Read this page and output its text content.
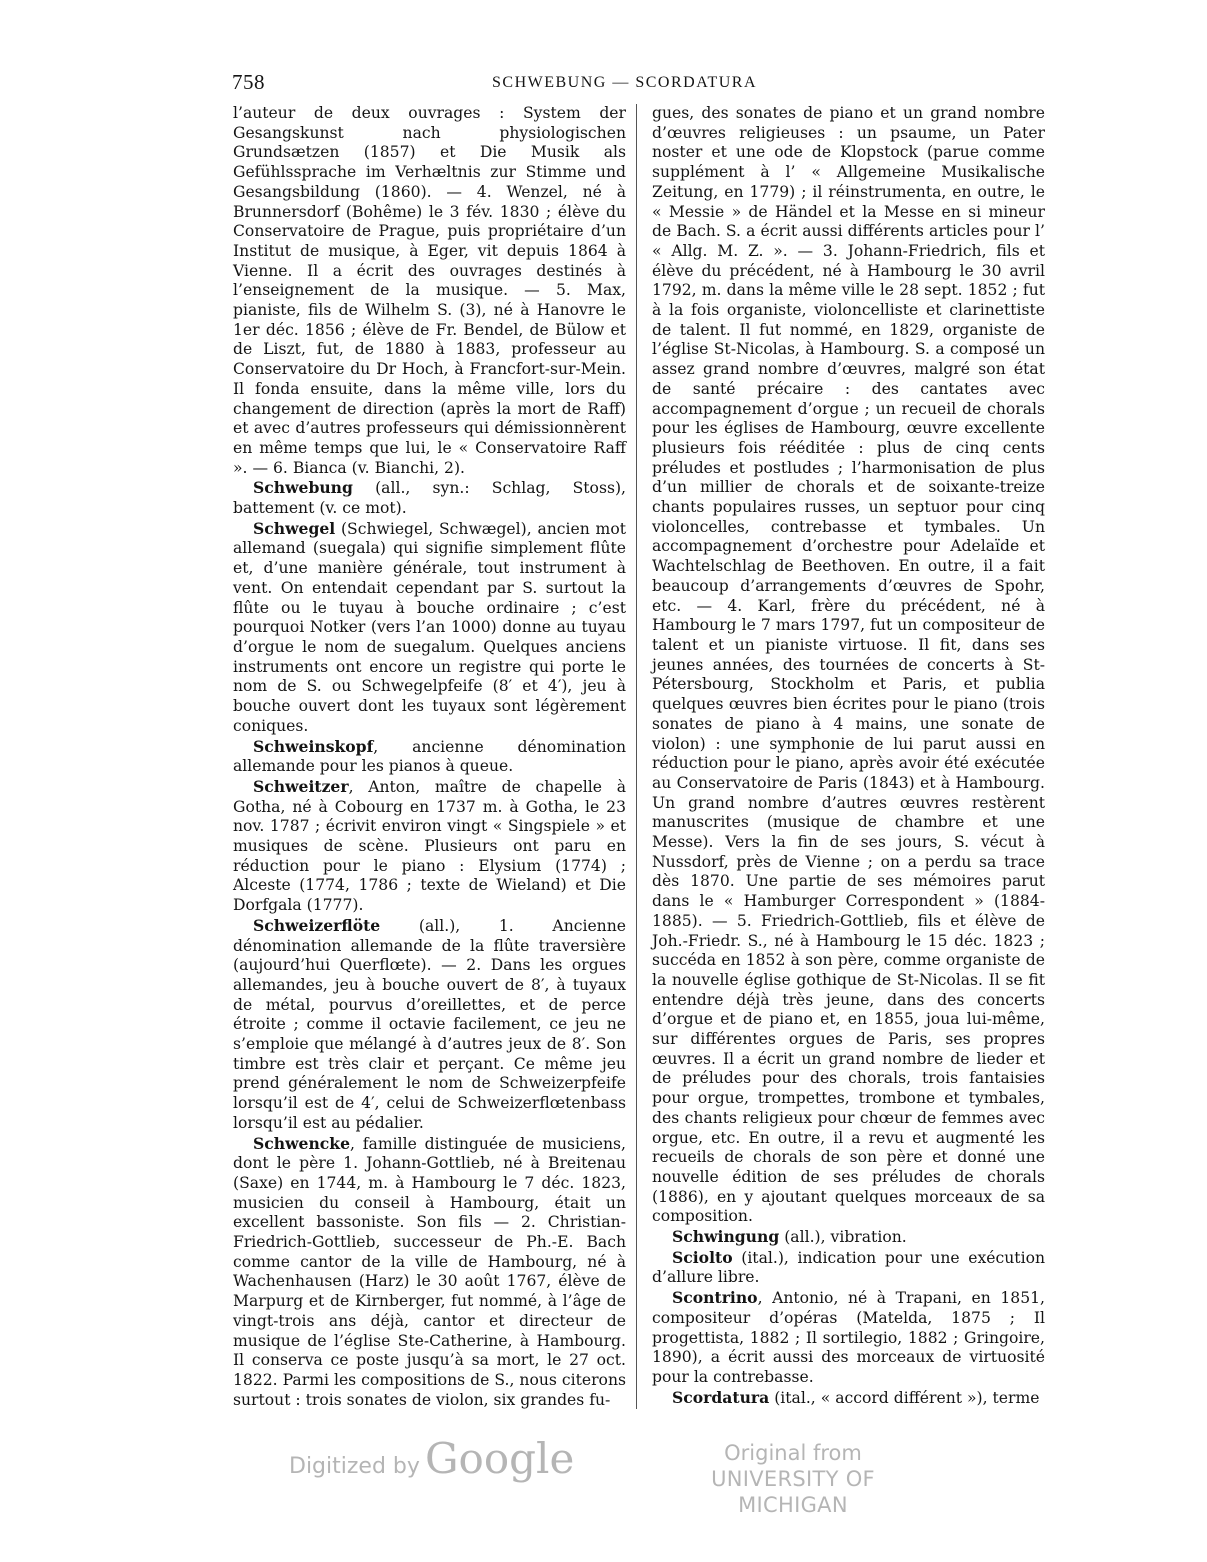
758	SCHWEBUNG — SCORDATURA

l’auteur de deux ouvrages : System der Gesangskunst nach physiologischen Grundsætzen (1857) et Die Musik als Gefühlssprache im Verhæltnis zur Stimme und Gesangsbildung (1860). — 4. Wenzel, né à Brunnersdorf (Bohême) le 3 fév. 1830 ; élève du Conservatoire de Prague, puis propriétaire d’un Institut de musique, à Eger, vit depuis 1864 à Vienne. Il a écrit des ouvrages destinés à l’enseignement de la musique. — 5. Max, pianiste, fils de Wilhelm S. (3), né à Hanovre le 1er déc. 1856 ; élève de Fr. Bendel, de Bülow et de Liszt, fut, de 1880 à 1883, professeur au Conservatoire du Dr Hoch, à Francfort-sur-Mein. Il fonda ensuite, dans la même ville, lors du changement de direction (après la mort de Raff) et avec d’autres professeurs qui démissionnèrent en même temps que lui, le « Conservatoire Raff ». — 6. Bianca (v. Bianchi, 2).

Schwebung (all., syn.: Schlag, Stoss), battement (v. ce mot).

Schwegel (Schwiegel, Schwægel), ancien mot allemand (suegala) qui signifie simplement flûte et, d’une manière générale, tout instrument à vent. On entendait cependant par S. surtout la flûte ou le tuyau à bouche ordinaire ; c’est pourquoi Notker (vers l’an 1000) donne au tuyau d’orgue le nom de suegalum. Quelques anciens instruments ont encore un registre qui porte le nom de S. ou Schwegelpfeife (8′ et 4′), jeu à bouche ouvert dont les tuyaux sont légèrement coniques.

Schweinskopf, ancienne dénomination allemande pour les pianos à queue.

Schweitzer, Anton, maître de chapelle à Gotha, né à Cobourg en 1737 m. à Gotha, le 23 nov. 1787 ; écrivit environ vingt « Singspiele » et musiques de scène. Plusieurs ont paru en réduction pour le piano : Elysium (1774) ; Alceste (1774, 1786 ; texte de Wieland) et Die Dorfgala (1777).

Schweizerflöte (all.), 1. Ancienne dénomination allemande de la flûte traversière (aujourd’hui Querflœte). — 2. Dans les orgues allemandes, jeu à bouche ouvert de 8′, à tuyaux de métal, pourvus d’oreillettes, et de perce étroite ; comme il octavie facilement, ce jeu ne s’emploie que mélangé à d’autres jeux de 8′. Son timbre est très clair et perçant. Ce même jeu prend généralement le nom de Schweizerpfeife lorsqu’il est de 4′, celui de Schweizerflœtenbass lorsqu’il est au pédalier.

Schwencke, famille distinguée de musiciens, dont le père 1. Johann-Gottlieb, né à Breitenau (Saxe) en 1744, m. à Hambourg le 7 déc. 1823, musicien du conseil à Hambourg, était un excellent bassoniste. Son fils — 2. Christian-Friedrich-Gottlieb, successeur de Ph.-E. Bach comme cantor de la ville de Hambourg, né à Wachenhausen (Harz) le 30 août 1767, élève de Marpurg et de Kirnberger, fut nommé, à l’âge de vingt-trois ans déjà, cantor et directeur de musique de l’église Ste-Catherine, à Hambourg. Il conserva ce poste jusqu’à sa mort, le 27 oct. 1822. Parmi les compositions de S., nous citerons surtout : trois sonates de violon, six grandes fu-

gues, des sonates de piano et un grand nombre d’œuvres religieuses : un psaume, un Pater noster et une ode de Klopstock (parue comme supplément à l’ « Allgemeine Musikalische Zeitung, en 1779) ; il réinstrumenta, en outre, le « Messie » de Händel et la Messe en si mineur de Bach. S. a écrit aussi différents articles pour l’ « Allg. M. Z. ». — 3. Johann-Friedrich, fils et élève du précédent, né à Hambourg le 30 avril 1792, m. dans la même ville le 28 sept. 1852 ; fut à la fois organiste, violoncelliste et clarinettiste de talent. Il fut nommé, en 1829, organiste de l’église St-Nicolas, à Hambourg. S. a composé un assez grand nombre d’œuvres, malgré son état de santé précaire : des cantates avec accompagnement d’orgue ; un recueil de chorals pour les églises de Hambourg, œuvre excellente plusieurs fois rééditée : plus de cinq cents préludes et postludes ; l’harmonisation de plus d’un millier de chorals et de soixante-treize chants populaires russes, un septuor pour cinq violoncelles, contrebasse et tymbales. Un accompagnement d’orchestre pour Adelaïde et Wachtelschlag de Beethoven. En outre, il a fait beaucoup d’arrangements d’œuvres de Spohr, etc. — 4. Karl, frère du précédent, né à Hambourg le 7 mars 1797, fut un compositeur de talent et un pianiste virtuose. Il fit, dans ses jeunes années, des tournées de concerts à St-Pétersbourg, Stockholm et Paris, et publia quelques œuvres bien écrites pour le piano (trois sonates de piano à 4 mains, une sonate de violon) : une symphonie de lui parut aussi en réduction pour le piano, après avoir été exécutée au Conservatoire de Paris (1843) et à Hambourg. Un grand nombre d’autres œuvres restèrent manuscrites (musique de chambre et une Messe). Vers la fin de ses jours, S. vécut à Nussdorf, près de Vienne ; on a perdu sa trace dès 1870. Une partie de ses mémoires parut dans le « Hamburger Correspondent » (1884-1885). — 5. Friedrich-Gottlieb, fils et élève de Joh.-Friedr. S., né à Hambourg le 15 déc. 1823 ; succéda en 1852 à son père, comme organiste de la nouvelle église gothique de St-Nicolas. Il se fit entendre déjà très jeune, dans des concerts d’orgue et de piano et, en 1855, joua lui-même, sur différentes orgues de Paris, ses propres œuvres. Il a écrit un grand nombre de lieder et de préludes pour des chorals, trois fantaisies pour orgue, trompettes, trombone et tymbales, des chants religieux pour chœur de femmes avec orgue, etc. En outre, il a revu et augmenté les recueils de chorals de son père et donné une nouvelle édition de ses préludes de chorals (1886), en y ajoutant quelques morceaux de sa composition.

Schwingung (all.), vibration.

Sciolto (ital.), indication pour une exécution d’allure libre.

Scontrino, Antonio, né à Trapani, en 1851, compositeur d’opéras (Matelda, 1875 ; Il progettista, 1882 ; Il sortilegio, 1882 ; Gringoire, 1890), a écrit aussi des morceaux de virtuosité pour la contrebasse.

Scordatura (ital., « accord différent »), terme

Digitized by Google	Original from
UNIVERSITY OF MICHIGAN
